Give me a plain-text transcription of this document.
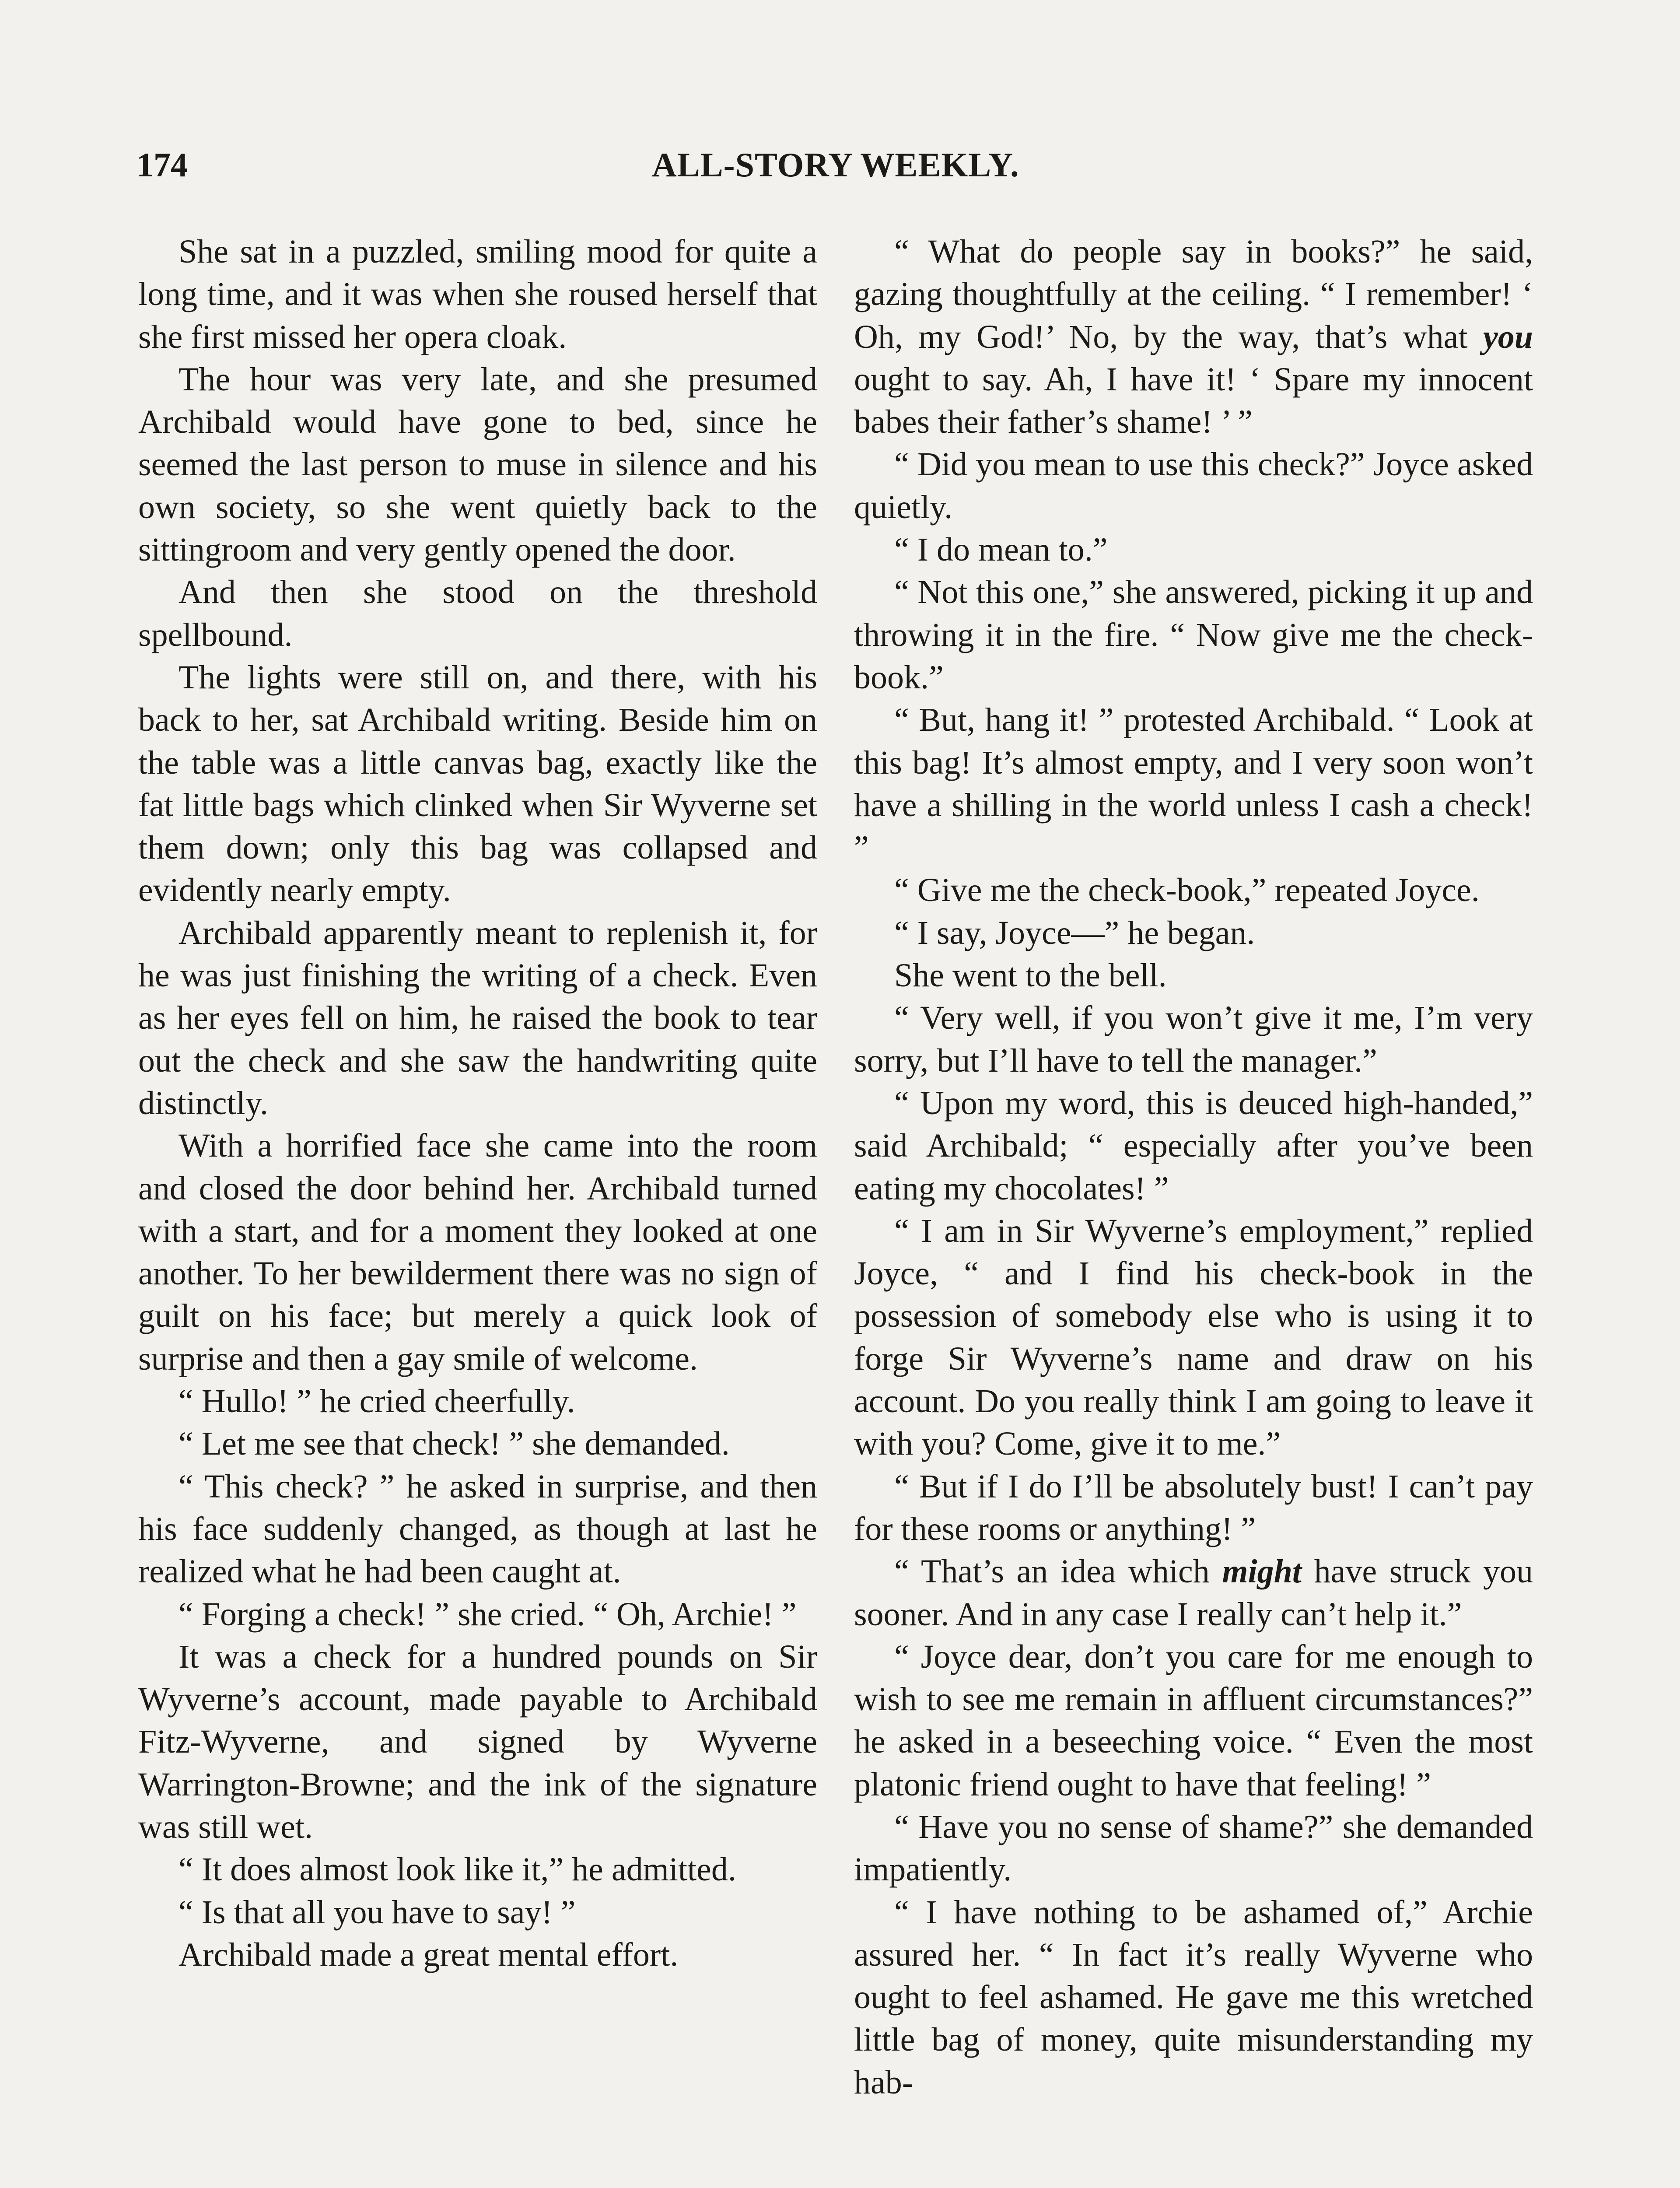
174	ALL-STORY WEEKLY.

She sat in a puzzled, smiling mood for quite a long time, and it was when she roused herself that she first missed her opera cloak.

The hour was very late, and she presumed Archibald would have gone to bed, since he seemed the last person to muse in silence and his own society, so she went quietly back to the sittingroom and very gently opened the door.

And then she stood on the threshold spellbound.

The lights were still on, and there, with his back to her, sat Archibald writing. Beside him on the table was a little canvas bag, exactly like the fat little bags which clinked when Sir Wyverne set them down; only this bag was collapsed and evidently nearly empty.

Archibald apparently meant to replenish it, for he was just finishing the writing of a check. Even as her eyes fell on him, he raised the book to tear out the check and she saw the handwriting quite distinctly.

With a horrified face she came into the room and closed the door behind her. Archibald turned with a start, and for a moment they looked at one another. To her bewilderment there was no sign of guilt on his face; but merely a quick look of surprise and then a gay smile of welcome.

“ Hullo! ” he cried cheerfully.

“ Let me see that check! ” she demanded.

“ This check? ” he asked in surprise, and then his face suddenly changed, as though at last he realized what he had been caught at.

“ Forging a check! ” she cried. “ Oh, Archie! ”

It was a check for a hundred pounds on Sir Wyverne’s account, made payable to Archibald Fitz-Wyverne, and signed by Wyverne Warrington-Browne; and the ink of the signature was still wet.

“ It does almost look like it,” he admitted.

“ Is that all you have to say! ”

Archibald made a great mental effort.

“ What do people say in books?” he said, gazing thoughtfully at the ceiling. “ I remember! ‘ Oh, my God!’ No, by the way, that’s what you ought to say. Ah, I have it! ‘ Spare my innocent babes their father’s shame! ’ ”

“ Did you mean to use this check?” Joyce asked quietly.

“ I do mean to.”

“ Not this one,” she answered, picking it up and throwing it in the fire. “ Now give me the check-book.”

“ But, hang it! ” protested Archibald. “ Look at this bag! It’s almost empty, and I very soon won’t have a shilling in the world unless I cash a check! ”

“ Give me the check-book,” repeated Joyce.

“ I say, Joyce—” he began.

She went to the bell.

“ Very well, if you won’t give it me, I’m very sorry, but I’ll have to tell the manager.”

“ Upon my word, this is deuced high-handed,” said Archibald; “ especially after you’ve been eating my chocolates! ”

“ I am in Sir Wyverne’s employment,” replied Joyce, “ and I find his check-book in the possession of somebody else who is using it to forge Sir Wyverne’s name and draw on his account. Do you really think I am going to leave it with you? Come, give it to me.”

“ But if I do I’ll be absolutely bust! I can’t pay for these rooms or anything! ”

“ That’s an idea which might have struck you sooner. And in any case I really can’t help it.”

“ Joyce dear, don’t you care for me enough to wish to see me remain in affluent circumstances?” he asked in a beseeching voice. “ Even the most platonic friend ought to have that feeling! ”

“ Have you no sense of shame?” she demanded impatiently.

“ I have nothing to be ashamed of,” Archie assured her. “ In fact it’s really Wyverne who ought to feel ashamed. He gave me this wretched little bag of money, quite misunderstanding my hab-
